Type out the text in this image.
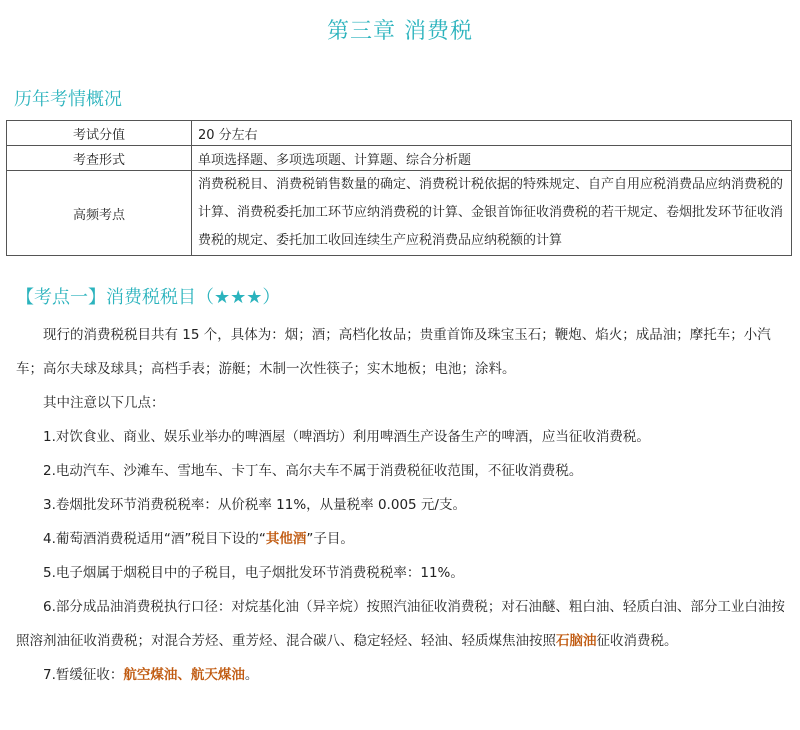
第三章 消费税
历年考情概况
考试分值	20 分左右
考查形式	单项选择题、多项选项题、计算题、综合分析题
高频考点	消费税税目、消费税销售数量的确定、消费税计税依据的特殊规定、自产自用应税消费品应纳消费税的计算、消费税委托加工环节应纳消费税的计算、金银首饰征收消费税的若干规定、卷烟批发环节征收消费税的规定、委托加工收回连续生产应税消费品应纳税额的计算
【考点一】消费税税目（★★★）

现行的消费税税目共有 15 个，具体为：烟；酒；高档化妆品；贵重首饰及珠宝玉石；鞭炮、焰火；成品油；摩托车；小汽车；高尔夫球及球具；高档手表；游艇；木制一次性筷子；实木地板；电池；涂料。

其中注意以下几点：

1.对饮食业、商业、娱乐业举办的啤酒屋（啤酒坊）利用啤酒生产设备生产的啤酒，应当征收消费税。

2.电动汽车、沙滩车、雪地车、卡丁车、高尔夫车不属于消费税征收范围，不征收消费税。

3.卷烟批发环节消费税税率：从价税率 11%，从量税率 0.005 元/支。

4.葡萄酒消费税适用“酒”税目下设的“其他酒”子目。

5.电子烟属于烟税目中的子税目，电子烟批发环节消费税税率：11%。

6.部分成品油消费税执行口径：对烷基化油（异辛烷）按照汽油征收消费税；对石油醚、粗白油、轻质白油、部分工业白油按照溶剂油征收消费税；对混合芳烃、重芳烃、混合碳八、稳定轻烃、轻油、轻质煤焦油按照石脑油征收消费税。

7.暂缓征收：航空煤油、航天煤油。
